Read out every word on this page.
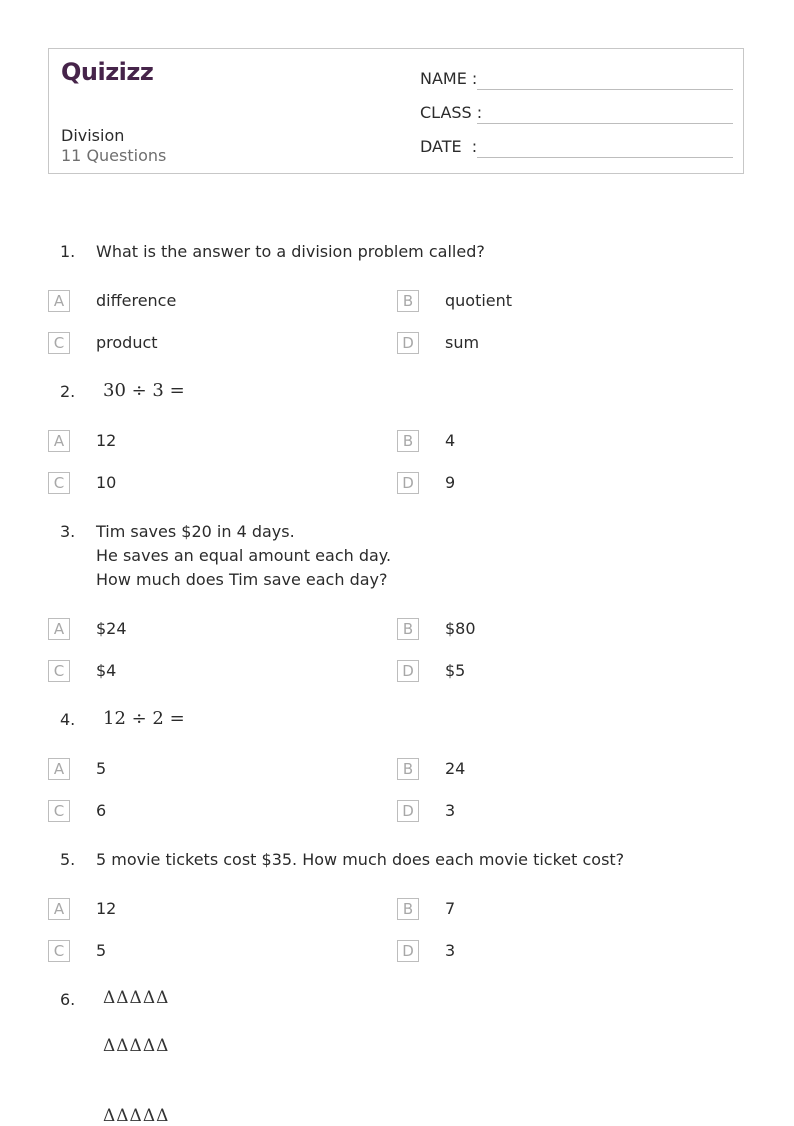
Quizizz
Division
11 Questions
NAME :
CLASS :
DATE  :
1. What is the answer to a division problem called?
A	difference	B	quotient
C	product	D	sum
2. 30 ÷ 3 =
A	12	B	4
C	10	D	9
3. Tim saves $20 in 4 days.
He saves an equal amount each day.
How much does Tim save each day?
A	$24	B	$80
C	$4	D	$5
4. 12 ÷ 2 =
A	5	B	24
C	6	D	3
5. 5 movie tickets cost $35. How much does each movie ticket cost?
A	12	B	7
C	5	D	3
6. ΔΔΔΔΔ
ΔΔΔΔΔ
ΔΔΔΔΔ
